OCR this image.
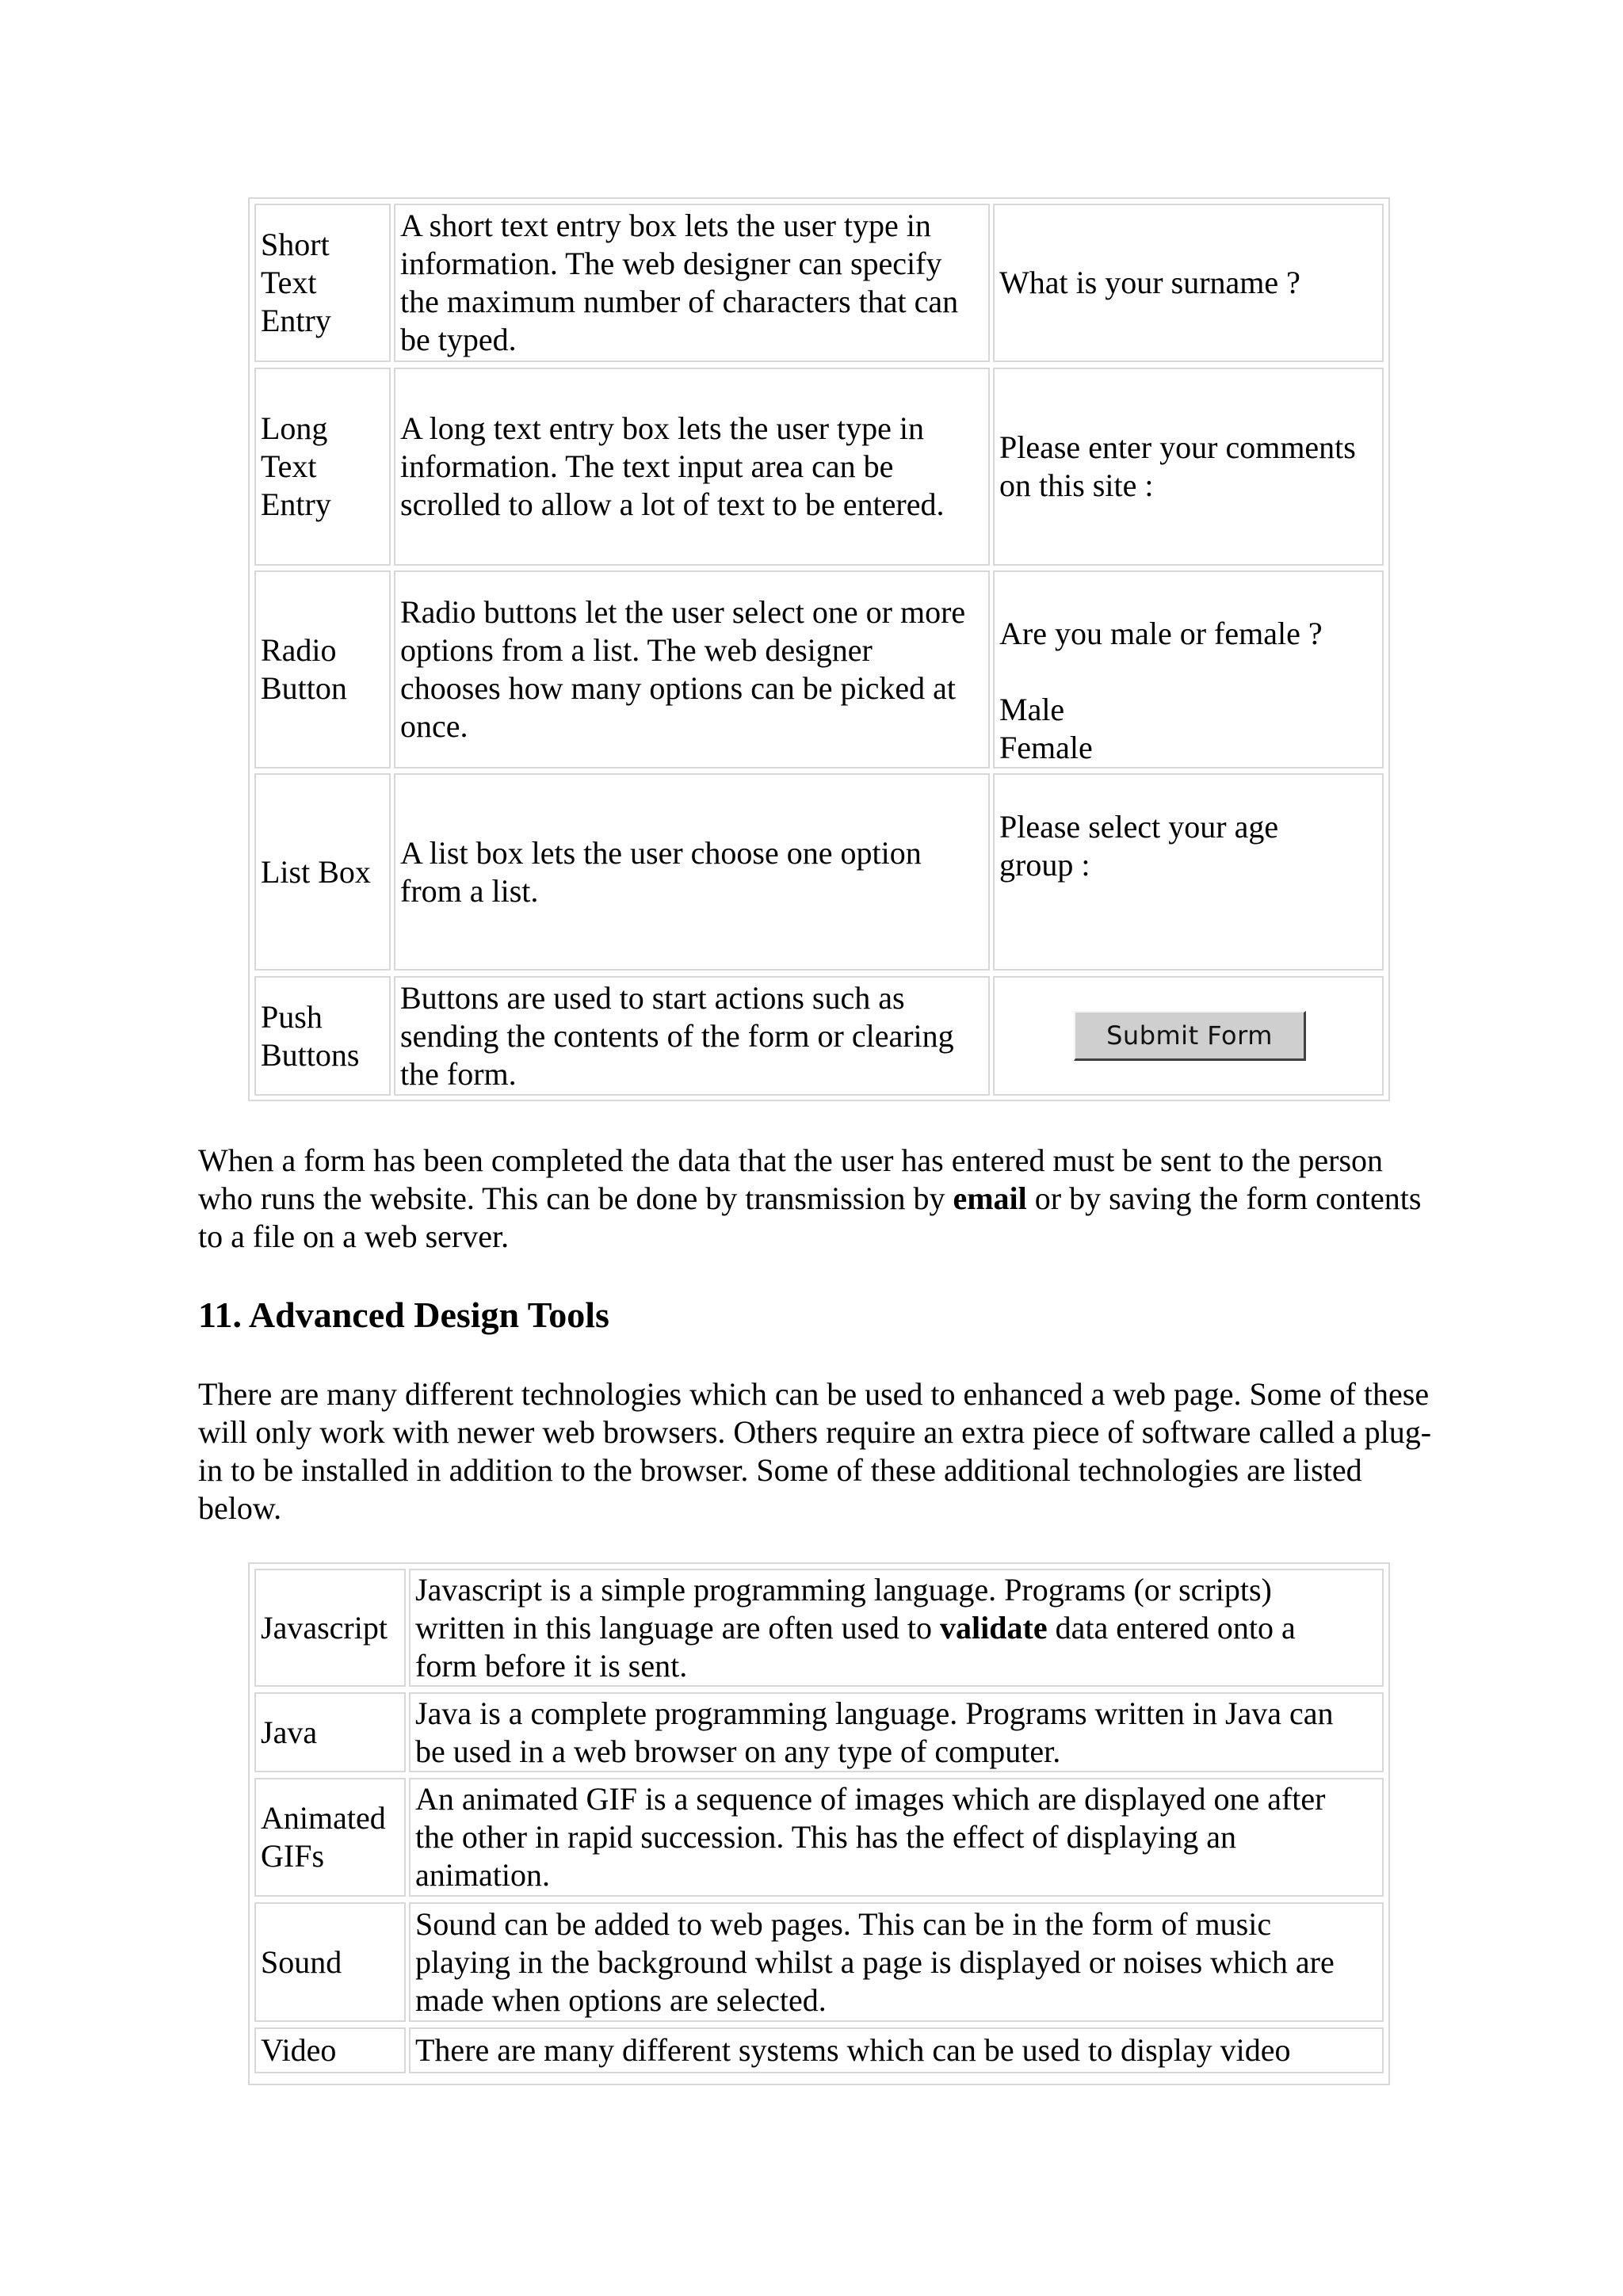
Short
Text
Entry
A short text entry box lets the user type in
information. The web designer can specify
the maximum number of characters that can
be typed.
What is your surname ?
Long
Text
Entry
A long text entry box lets the user type in
information. The text input area can be
scrolled to allow a lot of text to be entered.
Please enter your comments
on this site :
Radio
Button
Radio buttons let the user select one or more
options from a list. The web designer
chooses how many options can be picked at
once.
Are you male or female ?

Male
Female
List Box
A list box lets the user choose one option
from a list.
Please select your age
group :
Push
Buttons
Buttons are used to start actions such as
sending the contents of the form or clearing
the form.
Submit Form

When a form has been completed the data that the user has entered must be sent to the person who runs the website. This can be done by transmission by email or by saving the form contents to a file on a web server.

11. Advanced Design Tools

There are many different technologies which can be used to enhanced a web page. Some of these will only work with newer web browsers. Others require an extra piece of software called a plug-in to be installed in addition to the browser. Some of these additional technologies are listed below.

Javascript
Javascript is a simple programming language. Programs (or scripts)
written in this language are often used to validate data entered onto a
form before it is sent.
Java
Java is a complete programming language. Programs written in Java can
be used in a web browser on any type of computer.
Animated
GIFs
An animated GIF is a sequence of images which are displayed one after
the other in rapid succession. This has the effect of displaying an
animation.
Sound
Sound can be added to web pages. This can be in the form of music
playing in the background whilst a page is displayed or noises which are
made when options are selected.
Video There are many different systems which can be used to display video
